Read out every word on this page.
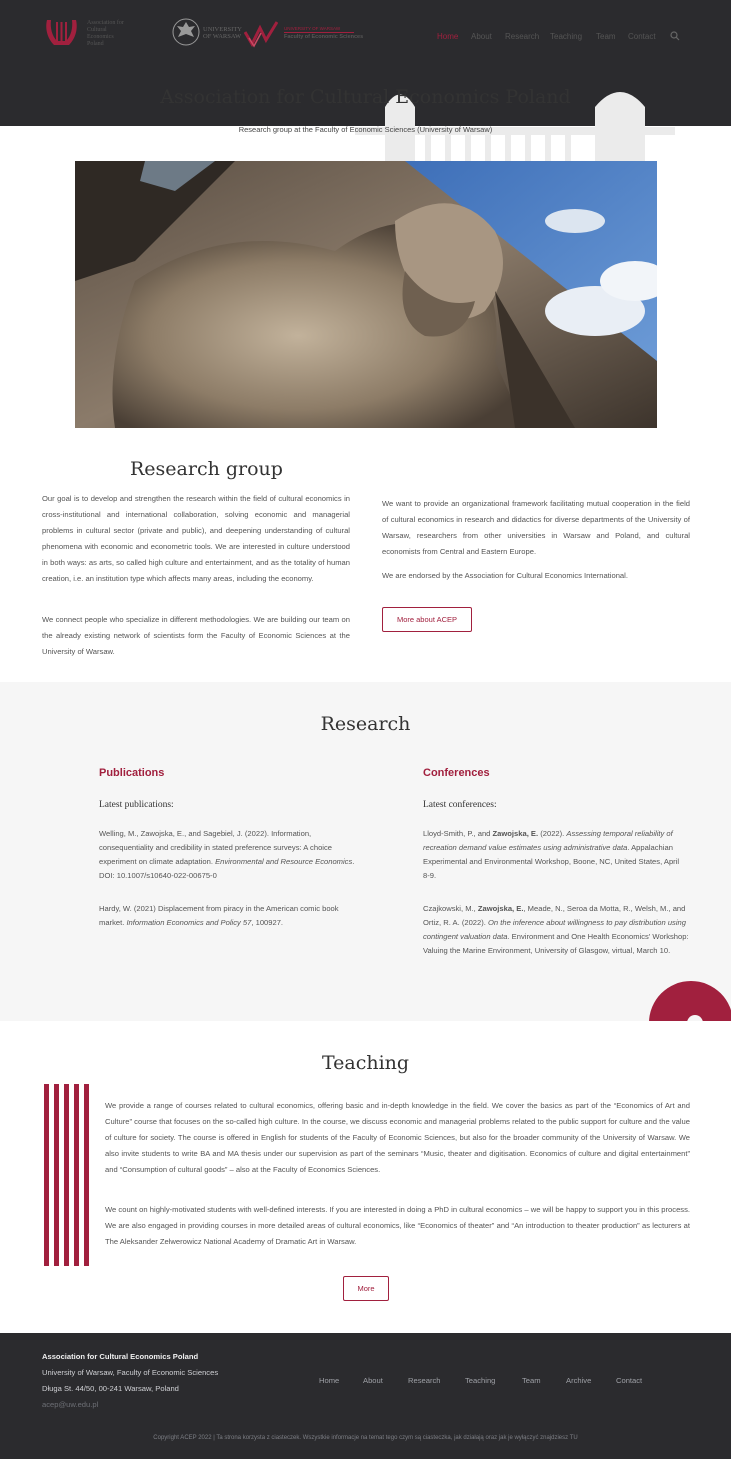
Association for
Cultural
Economics
Poland
UNIVERSITY
OF WARSAW
UNIVERSITY OF WARSAW
Faculty of Economic Sciences	Home About Research Teaching Team Contact
Association for Cultural Economics Poland
Research group at the Faculty of Economic Sciences (University of Warsaw)
Research group

Our goal is to develop and strengthen the research within the field of cultural economics in cross-institutional and international collaboration, solving economic and managerial problems in cultural sector (private and public), and deepening understanding of cultural phenomena with economic and econometric tools. We are interested in culture understood in both ways: as arts, so called high culture and entertainment, and as the totality of human creation, i.e. an institution type which affects many areas, including the economy.

We connect people who specialize in different methodologies. We are building our team on the already existing network of scientists form the Faculty of Economic Sciences at the University of Warsaw.

We want to provide an organizational framework facilitating mutual cooperation in the field of cultural economics in research and didactics for diverse departments of the University of Warsaw, researchers from other universities in Warsaw and Poland, and cultural economists from Central and Eastern Europe.

We are endorsed by the Association for Cultural Economics International.

More about ACEP
Research
Publications
Latest publications:

Welling, M., Zawojska, E., and Sagebiel, J. (2022). Information, consequentiality and credibility in stated preference surveys: A choice experiment on climate adaptation. Environmental and Resource Economics. DOI: 10.1007/s10640-022-00675-0

Hardy, W. (2021) Displacement from piracy in the American comic book market. Information Economics and Policy 57, 100927.

Conferences
Latest conferences:

Lloyd-Smith, P., and Zawojska, E. (2022). Assessing temporal reliability of recreation demand value estimates using administrative data. Appalachian Experimental and Environmental Workshop, Boone, NC, United States, April 8-9.

Czajkowski, M., Zawojska, E., Meade, N., Seroa da Motta, R., Welsh, M., and Ortiz, R. A. (2022). On the inference about willingness to pay distribution using contingent valuation data. Environment and One Health Economics' Workshop: Valuing the Marine Environment, University of Glasgow, virtual, March 10.

Teaching

We provide a range of courses related to cultural economics, offering basic and in-depth knowledge in the field. We cover the basics as part of the “Economics of Art and Culture” course that focuses on the so-called high culture. In the course, we discuss economic and managerial problems related to the public support for culture and the value of culture for society. The course is offered in English for students of the Faculty of Economic Sciences, but also for the broader community of the University of Warsaw. We also invite students to write BA and MA thesis under our supervision as part of the seminars “Music, theater and digitisation. Economics of culture and digital entertainment” and “Consumption of cultural goods” – also at the Faculty of Economics Sciences.

We count on highly-motivated students with well-defined interests. If you are interested in doing a PhD in cultural economics – we will be happy to support you in this process. We are also engaged in providing courses in more detailed areas of cultural economics, like “Economics of theater” and “An introduction to theater production” as lecturers at The Aleksander Zelwerowicz National Academy of Dramatic Art in Warsaw.

More
Association for Cultural Economics Poland
University of Warsaw, Faculty of Economic Sciences
Długa St. 44/50, 00-241 Warsaw, Poland
acep@uw.edu.pl
Home	About	Research	Teaching	Team	Archive	Contact
Copyright ACEP 2022 | Ta strona korzysta z ciasteczek. Wszystkie informacje na temat tego czym są ciasteczka, jak działają oraz jak je wyłączyć znajdziesz TU
